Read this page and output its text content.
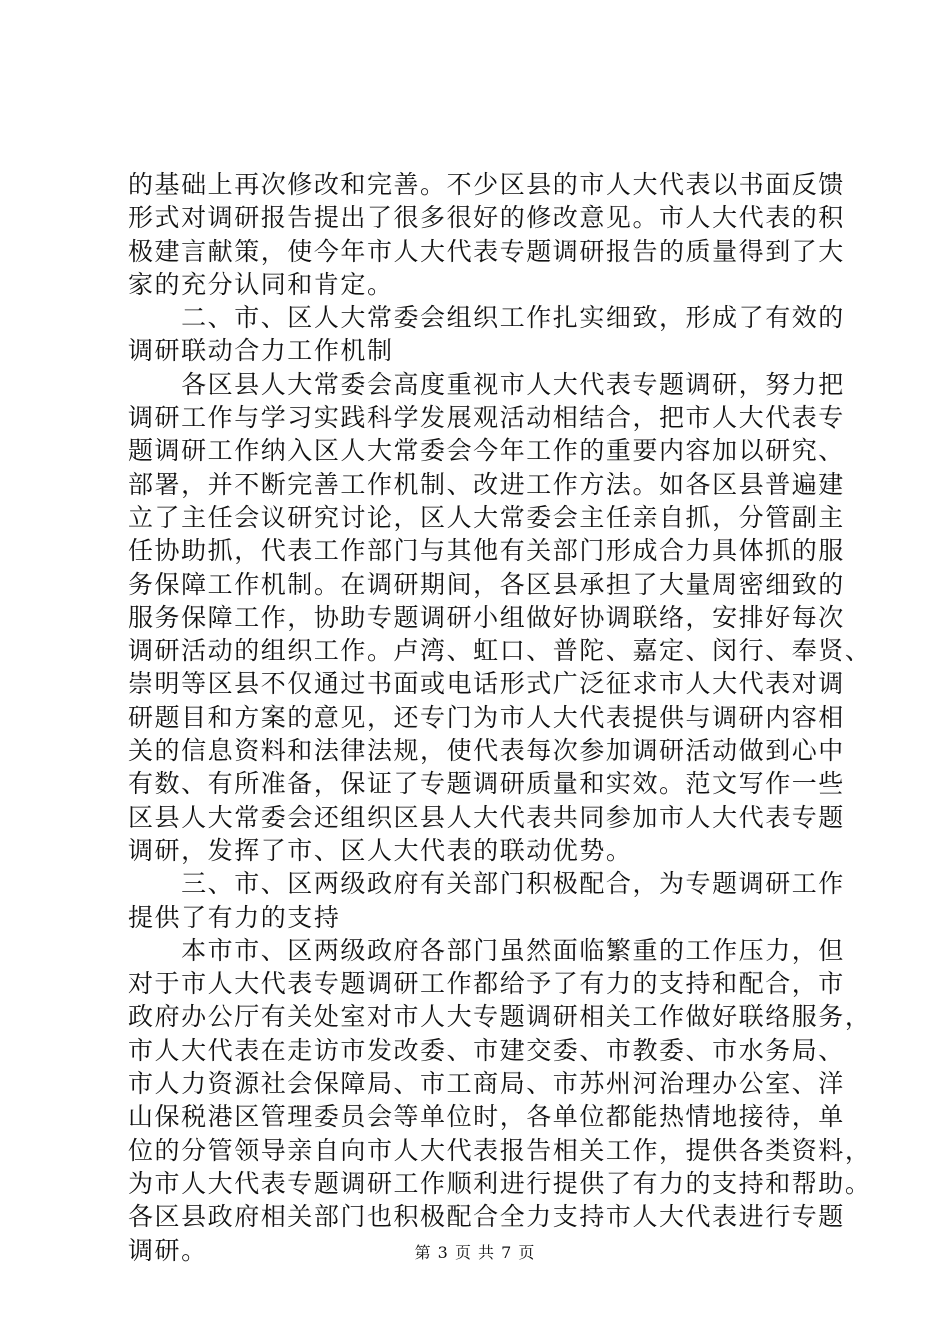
的基础上再次修改和完善。不少区县的市人大代表以书面反馈
形式对调研报告提出了很多很好的修改意见。市人大代表的积
极建言献策，使今年市人大代表专题调研报告的质量得到了大
家的充分认同和肯定。
　　二、市、区人大常委会组织工作扎实细致，形成了有效的
调研联动合力工作机制
　　各区县人大常委会高度重视市人大代表专题调研，努力把
调研工作与学习实践科学发展观活动相结合，把市人大代表专
题调研工作纳入区人大常委会今年工作的重要内容加以研究、
部署，并不断完善工作机制、改进工作方法。如各区县普遍建
立了主任会议研究讨论，区人大常委会主任亲自抓，分管副主
任协助抓，代表工作部门与其他有关部门形成合力具体抓的服
务保障工作机制。在调研期间，各区县承担了大量周密细致的
服务保障工作，协助专题调研小组做好协调联络，安排好每次
调研活动的组织工作。卢湾、虹口、普陀、嘉定、闵行、奉贤、
崇明等区县不仅通过书面或电话形式广泛征求市人大代表对调
研题目和方案的意见，还专门为市人大代表提供与调研内容相
关的信息资料和法律法规，使代表每次参加调研活动做到心中
有数、有所准备，保证了专题调研质量和实效。范文写作一些
区县人大常委会还组织区县人大代表共同参加市人大代表专题
调研，发挥了市、区人大代表的联动优势。
　　三、市、区两级政府有关部门积极配合，为专题调研工作
提供了有力的支持
　　本市市、区两级政府各部门虽然面临繁重的工作压力，但
对于市人大代表专题调研工作都给予了有力的支持和配合，市
政府办公厅有关处室对市人大专题调研相关工作做好联络服务，
市人大代表在走访市发改委、市建交委、市教委、市水务局、
市人力资源社会保障局、市工商局、市苏州河治理办公室、洋
山保税港区管理委员会等单位时，各单位都能热情地接待，单
位的分管领导亲自向市人大代表报告相关工作，提供各类资料，
为市人大代表专题调研工作顺利进行提供了有力的支持和帮助。
各区县政府相关部门也积极配合全力支持市人大代表进行专题
调研。	第 3 页 共 7 页
